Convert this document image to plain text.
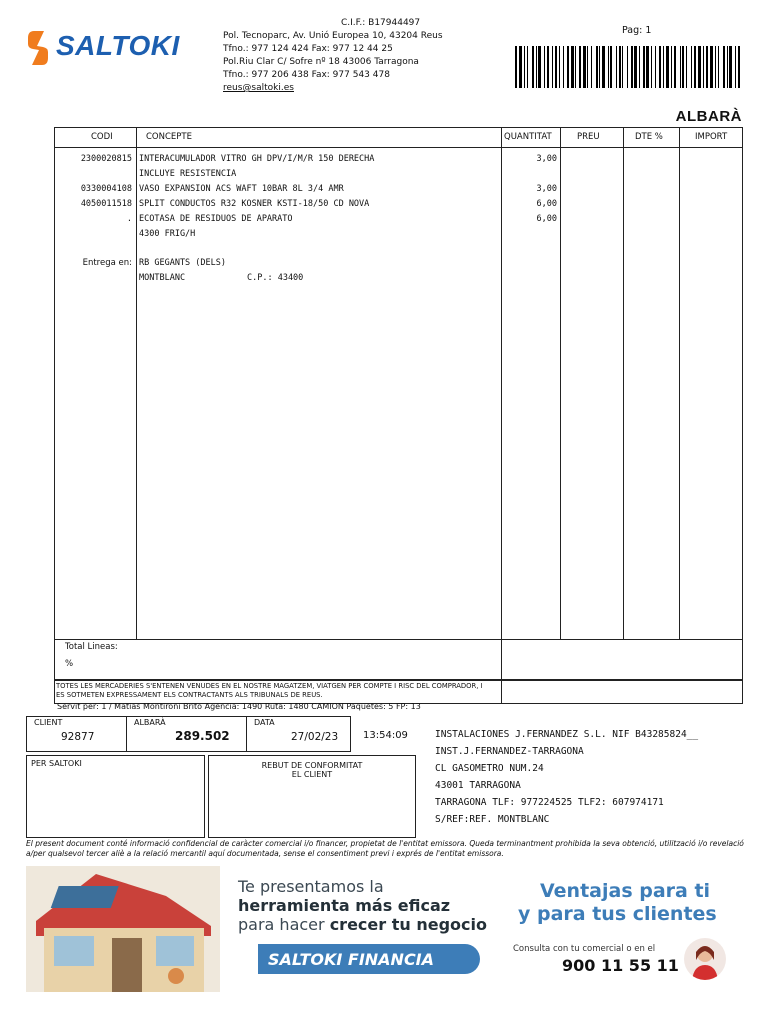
SALTOKI
C.I.F.: B17944497
Pol. Tecnoparc, Av. Unió Europea 10, 43204 Reus
Tfno.: 977 124 424 Fax: 977 12 44 25
Pol.Riu Clar C/ Sofre nº 18 43006 Tarragona
Tfno.: 977 206 438 Fax: 977 543 478
reus@saltoki.es
Pag: 1
ALBARÀ
CODI	CONCEPTE	QUANTITAT	PREU	DTE %	IMPORT
2300020815 INTERACUMULADOR VITRO GH DPV/I/M/R 150 DERECHA	3,00
INCLUYE RESISTENCIA
0330004108 VASO EXPANSION ACS WAFT 10BAR 8L 3/4 AMR	3,00
4050011518 SPLIT CONDUCTOS R32 KOSNER KSTI-18/50 CD NOVA	6,00
. ECOTASA DE RESIDUOS DE APARATO	6,00
4300 FRIG/H
Entrega en: RB GEGANTS (DELS)
MONTBLANC	C.P.: 43400
Total Lineas:
%
TOTES LES MERCADERIES S'ENTENEN VENUDES EN EL NOSTRE MAGATZEM, VIATGEN PER COMPTE I RISC DEL COMPRADOR, I ES SOTMETEN EXPRESSAMENT ELS CONTRACTANTS ALS TRIBUNALS DE REUS.
Servit per: 1 / Matias Montironi Brito Agencia: 1490 Ruta: 1480 CAMION Paquetes: 5 FP: 13
CLIENT
92877
ALBARÀ
289.502
DATA
27/02/23 13:54:09
PER SALTOKI	REBUT DE CONFORMITAT
EL CLIENT
INSTALACIONES J.FERNANDEZ S.L. NIF B43285824__
INST.J.FERNANDEZ-TARRAGONA
CL GASOMETRO NUM.24
43001 TARRAGONA
TARRAGONA TLF: 977224525 TLF2: 607974171
S/REF:REF. MONTBLANC
El present document conté informació confidencial de caràcter comercial i/o financer, propietat de l'entitat emissora. Queda terminantment prohibida la seva obtenció, utilització i/o revelació a/per qualsevol tercer aliè a la relació mercantil aquí documentada, sense el consentiment previ i exprés de l'entitat emissora.
Te presentamos la
herramienta más eficaz
para hacer crecer tu negocio
SALTOKI FINANCIA
Ventajas para ti
y para tus clientes
Consulta con tu comercial o en el
900 11 55 11
